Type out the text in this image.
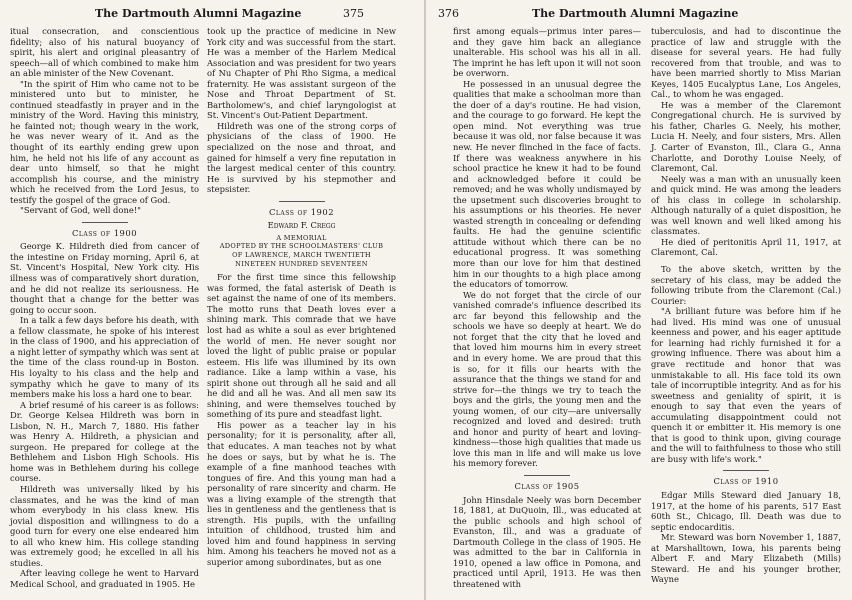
The Dartmouth Alumni Magazine	375

itual consecration, and conscientious fidelity; also of his natural buoyancy of spirit, his alert and original pleasantry of speech—all of which combined to make him an able minister of the New Covenant.

"In the spirit of Him who came not to be ministered unto but to minister, he continued steadfastly in prayer and in the ministry of the Word. Having this ministry, he fainted not; though weary in the work, he was never weary of it. And as the thought of its earthly ending grew upon him, he held not his life of any account as dear unto himself, so that he might accomplish his course, and the ministry which he received from the Lord Jesus, to testify the gospel of the grace of God.

"Servant of God, well done!"

Class of 1900

George K. Hildreth died from cancer of the intestine on Friday morning, April 6, at St. Vincent's Hospital, New York city. His illness was of comparatively short duration, and he did not realize its seriousness. He thought that a change for the better was going to occur soon.

In a talk a few days before his death, with a fellow classmate, he spoke of his interest in the class of 1900, and his appreciation of a night letter of sympathy which was sent at the time of the class round-up in Boston. His loyalty to his class and the help and sympathy which he gave to many of its members make his loss a hard one to bear.

A brief resumé of his career is as follows: Dr. George Kelsea Hildreth was born in Lisbon, N. H., March 7, 1880. His father was Henry A. Hildreth, a physician and surgeon. He prepared for college at the Bethlehem and Lisbon High Schools. His home was in Bethlehem during his college course.

Hildreth was universally liked by his classmates, and he was the kind of man whom everybody in his class knew. His jovial disposition and willingness to do a good turn for every one else endeared him to all who knew him. His college standing was extremely good; he excelled in all his studies.

After leaving college he went to Harvard Medical School, and graduated in 1905. He

took up the practice of medicine in New York city and was successful from the start. He was a member of the Harlem Medical Association and was president for two years of Nu Chapter of Phi Rho Sigma, a medical fraternity. He was assistant surgeon of the Nose and Throat Department of St. Bartholomew's, and chief laryngologist at St. Vincent's Out-Patient Department.

Hildreth was one of the strong corps of physicians of the class of 1900. He specialized on the nose and throat, and gained for himself a very fine reputation in the largest medical center of this country. He is survived by his stepmother and stepsister.

Class of 1902
Edward F. Cregg
A MEMORIAL
ADOPTED BY THE SCHOOLMASTERS' CLUB
OF LAWRENCE, MARCH TWENTIETH
NINETEEN HUNDRED SEVENTEEN

For the first time since this fellowship was formed, the fatal asterisk of Death is set against the name of one of its members. The motto runs that Death loves ever a shining mark. This comrade that we have lost had as white a soul as ever brightened the world of men. He never sought nor loved the light of public praise or popular esteem. His life was illumined by its own radiance. Like a lamp within a vase, his spirit shone out through all he said and all he did and all he was. And all men saw its shining, and were themselves touched by something of its pure and steadfast light.

His power as a teacher lay in his personality; for it is personality, after all, that educates. A man teaches not by what he does or says, but by what he is. The example of a fine manhood teaches with tongues of fire. And this young man had a personality of rare sincerity and charm. He was a living example of the strength that lies in gentleness and the gentleness that is strength. His pupils, with the unfailing intuition of childhood, trusted him and loved him and found happiness in serving him. Among his teachers he moved not as a superior among subordinates, but as one

376	The Dartmouth Alumni Magazine

first among equals—primus inter pares—and they gave him back an allegiance unalterable. His school was his all in all. The imprint he has left upon it will not soon be overworn.

He possessed in an unusual degree the qualities that make a schoolman more than the doer of a day's routine. He had vision, and the courage to go forward. He kept the open mind. Not everything was true because it was old, nor false because it was new. He never flinched in the face of facts. If there was weakness anywhere in his school practice he knew it had to be found and acknowledged before it could be removed; and he was wholly undismayed by the upsetment such discoveries brought to his assumptions or his theories. He never wasted strength in concealing or defending faults. He had the genuine scientific attitude without which there can be no educational progress. It was something more than our love for him that destined him in our thoughts to a high place among the educators of tomorrow.

We do not forget that the circle of our vanished comrade's influence described its arc far beyond this fellowship and the schools we have so deeply at heart. We do not forget that the city that he loved and that loved him mourns him in every street and in every home. We are proud that this is so, for it fills our hearts with the assurance that the things we stand for and strive for—the things we try to teach the boys and the girls, the young men and the young women, of our city—are universally recognized and loved and desired: truth and honor and purity of heart and loving-kindness—those high qualities that made us love this man in life and will make us love his memory forever.

Class of 1905

John Hinsdale Neely was born December 18, 1881, at DuQuoin, Ill., was educated at the public schools and high school of Evanston, Ill., and was a graduate of Dartmouth College in the class of 1905. He was admitted to the bar in California in 1910, opened a law office in Pomona, and practiced until April, 1913. He was then threatened with

tuberculosis, and had to discontinue the practice of law and struggle with the disease for several years. He had fully recovered from that trouble, and was to have been married shortly to Miss Marian Keyes, 1405 Eucalyptus Lane, Los Angeles, Cal., to whom he was engaged.

He was a member of the Claremont Congregational church. He is survived by his father, Charles G. Neely, his mother, Lucia H. Neely, and four sisters, Mrs. Allen J. Carter of Evanston, Ill., Clara G., Anna Charlotte, and Dorothy Louise Neely, of Claremont, Cal.

Neely was a man with an unusually keen and quick mind. He was among the leaders of his class in college in scholarship. Although naturally of a quiet disposition, he was well known and well liked among his classmates.

He died of peritonitis April 11, 1917, at Claremont, Cal.

To the above sketch, written by the secretary of his class, may be added the following tribute from the Claremont (Cal.) Courier:

"A brilliant future was before him if he had lived. His mind was one of unusual keenness and power, and his eager aptitude for learning had richly furnished it for a growing influence. There was about him a grave rectitude and honor that was unmistakable to all. His face told its own tale of incorruptible integrity. And as for his sweetness and geniality of spirit, it is enough to say that even the years of accumulating disappointment could not quench it or embitter it. His memory is one that is good to think upon, giving courage and the will to faithfulness to those who still are busy with life's work."

Class of 1910

Edgar Mills Steward died January 18, 1917, at the home of his parents, 517 East 60th St., Chicago, Ill. Death was due to septic endocarditis.

Mr. Steward was born November 1, 1887, at Marshalltown, Iowa, his parents being Albert F. and Mary Elizabeth (Mills) Steward. He and his younger brother, Wayne
